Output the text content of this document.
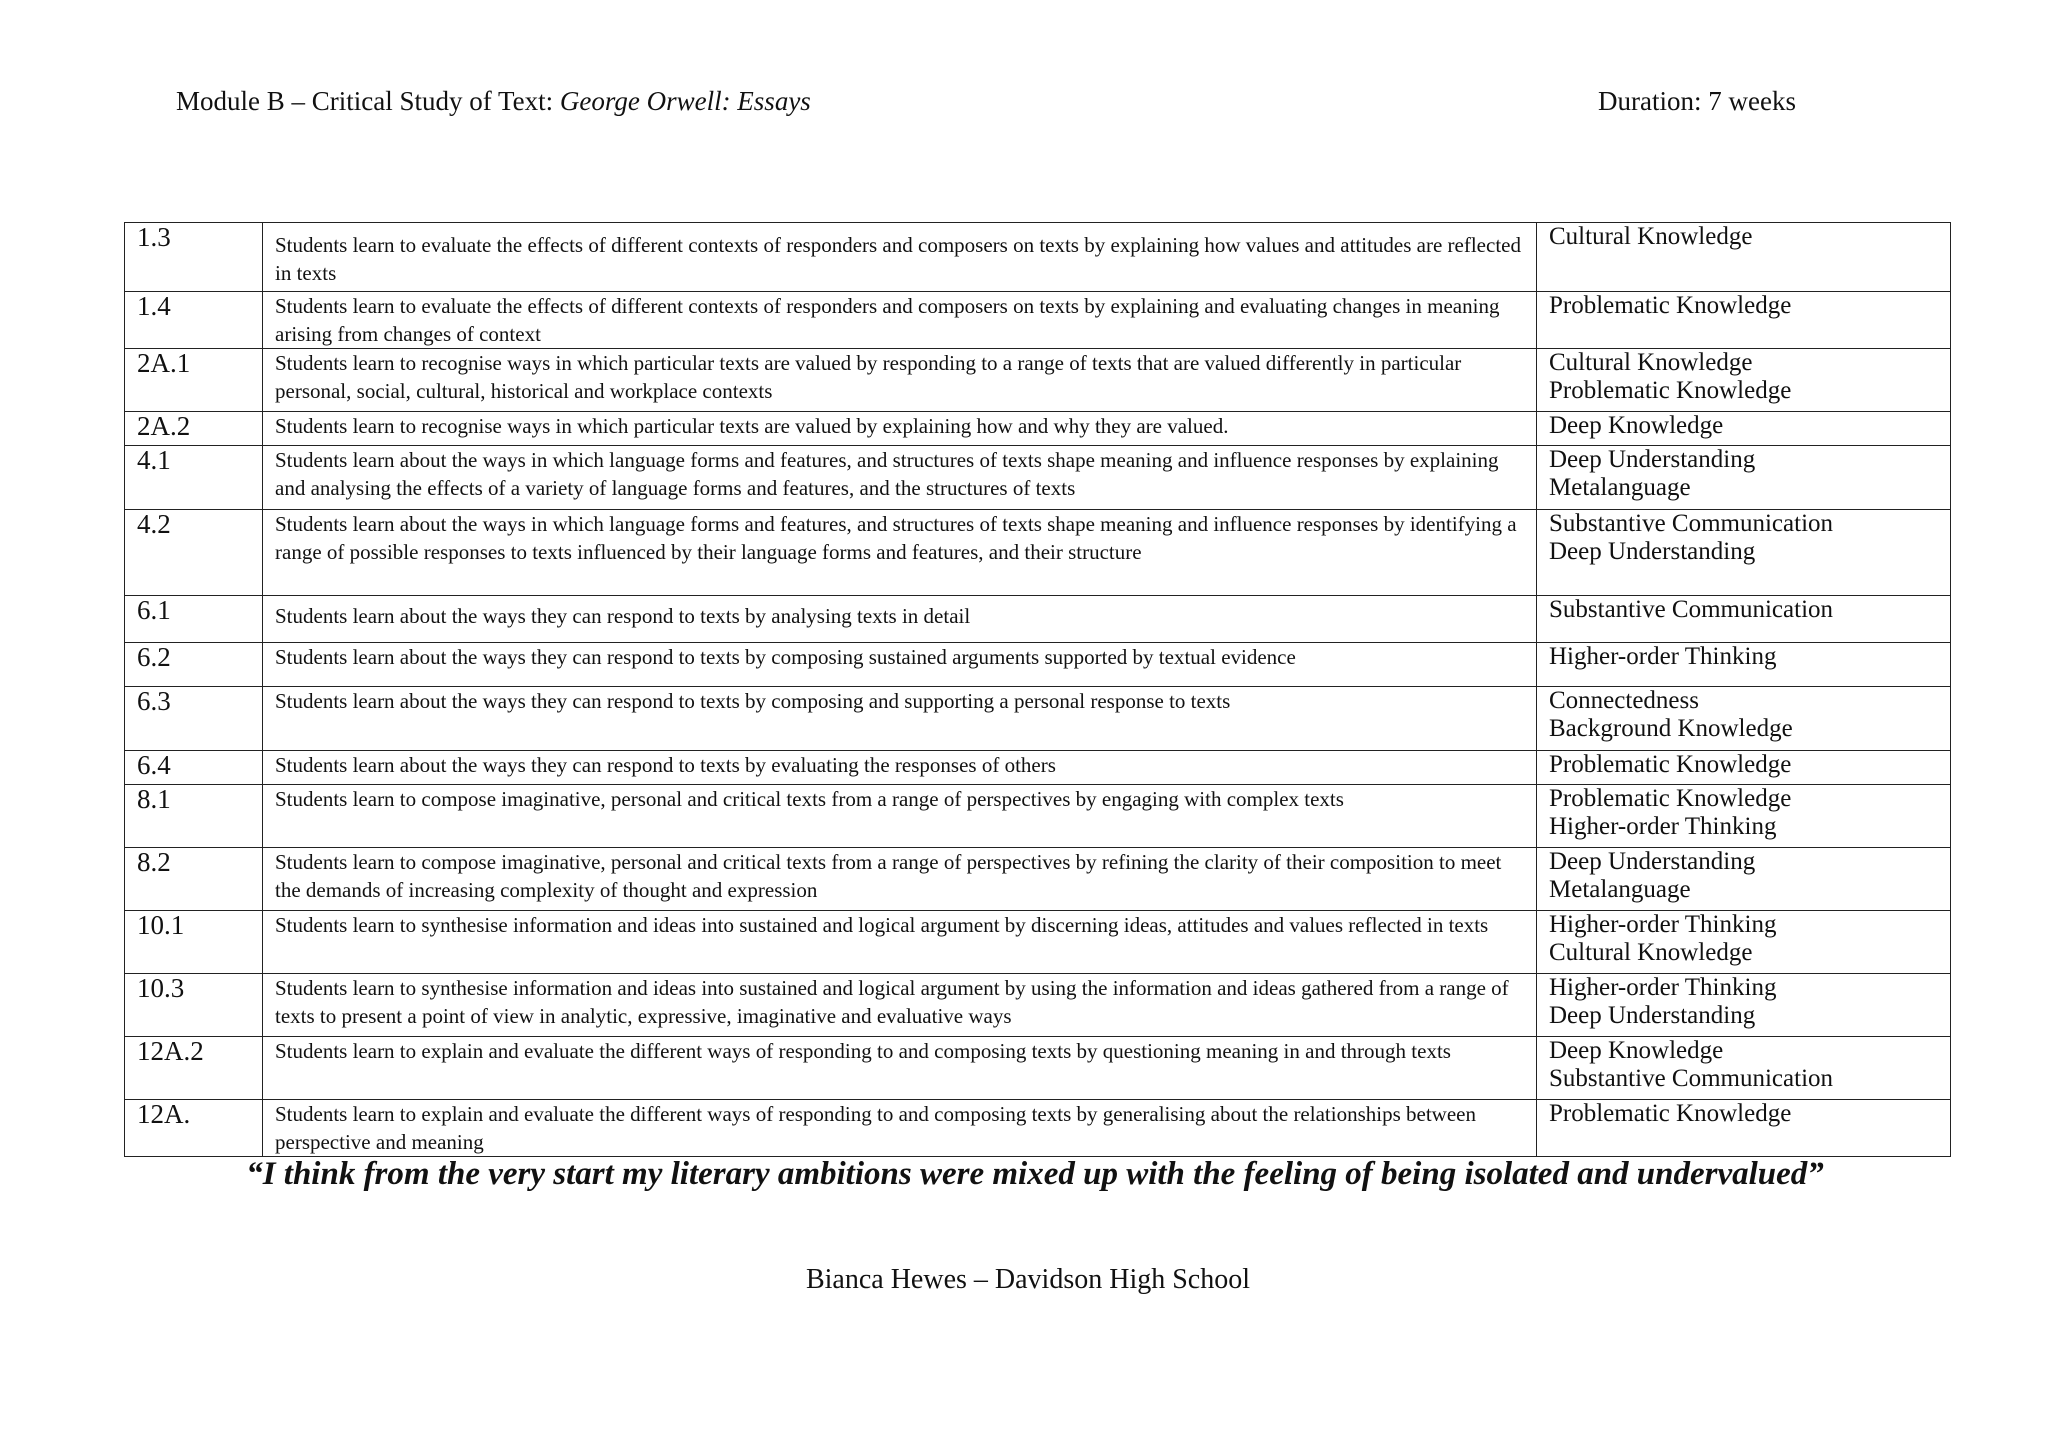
Module B – Critical Study of Text: George Orwell: Essays	Duration: 7 weeks
1.3	Students learn to evaluate the effects of different contexts of responders and composers on texts by explaining how values and attitudes are reflected in texts	Cultural Knowledge

1.4	Students learn to evaluate the effects of different contexts of responders and composers on texts by explaining and evaluating changes in meaning arising from changes of context	Problematic Knowledge

2A.1	Students learn to recognise ways in which particular texts are valued by responding to a range of texts that are valued differently in particular personal, social, cultural, historical and workplace contexts	Cultural Knowledge
Problematic Knowledge

2A.2	Students learn to recognise ways in which particular texts are valued by explaining how and why they are valued.	Deep Knowledge

4.1	Students learn about the ways in which language forms and features, and structures of texts shape meaning and influence responses by explaining and analysing the effects of a variety of language forms and features, and the structures of texts	Deep Understanding
Metalanguage

4.2	Students learn about the ways in which language forms and features, and structures of texts shape meaning and influence responses by identifying a range of possible responses to texts influenced by their language forms and features, and their structure	Substantive Communication
Deep Understanding

6.1	Students learn about the ways they can respond to texts by analysing texts in detail	Substantive Communication

6.2	Students learn about the ways they can respond to texts by composing sustained arguments supported by textual evidence	Higher-order Thinking

6.3	Students learn about the ways they can respond to texts by composing and supporting a personal response to texts	Connectedness
Background Knowledge

6.4	Students learn about the ways they can respond to texts by evaluating the responses of others	Problematic Knowledge

8.1	Students learn to compose imaginative, personal and critical texts from a range of perspectives by engaging with complex texts	Problematic Knowledge
Higher-order Thinking

8.2	Students learn to compose imaginative, personal and critical texts from a range of perspectives by refining the clarity of their composition to meet the demands of increasing complexity of thought and expression	Deep Understanding
Metalanguage

10.1	Students learn to synthesise information and ideas into sustained and logical argument by discerning ideas, attitudes and values reflected in texts	Higher-order Thinking
Cultural Knowledge

10.3	Students learn to synthesise information and ideas into sustained and logical argument by using the information and ideas gathered from a range of texts to present a point of view in analytic, expressive, imaginative and evaluative ways	Higher-order Thinking
Deep Understanding

12A.2	Students learn to explain and evaluate the different ways of responding to and composing texts by questioning meaning in and through texts	Deep Knowledge
Substantive Communication

12A.	Students learn to explain and evaluate the different ways of responding to and composing texts by generalising about the relationships between perspective and meaning	Problematic Knowledge
“I think from the very start my literary ambitions were mixed up with the feeling of being isolated and undervalued”
Bianca Hewes – Davidson High School
